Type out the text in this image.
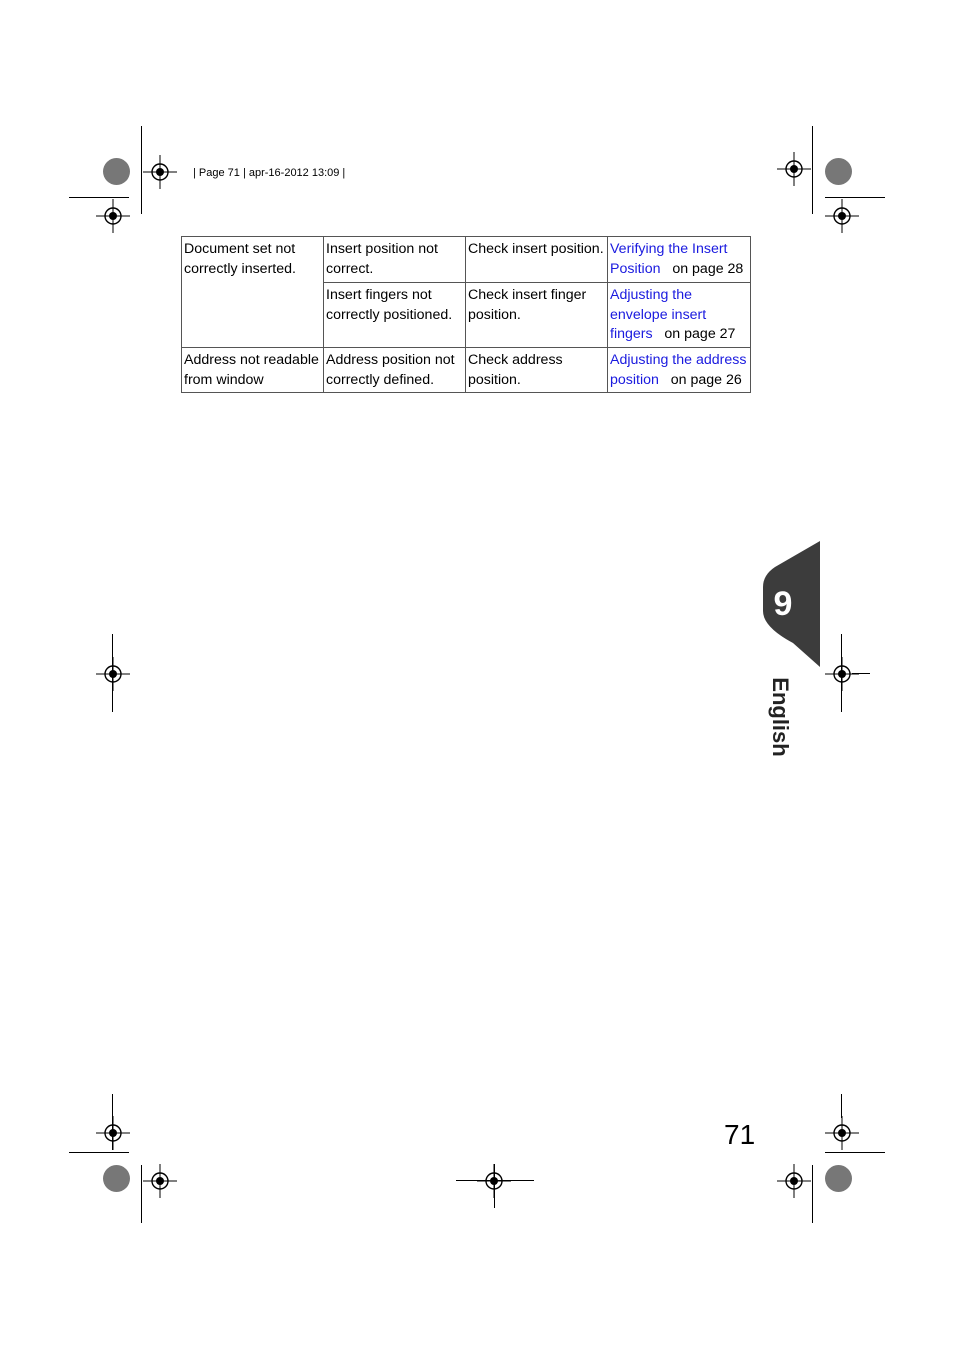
| Page 71 | apr-16-2012 13:09 |
Document set not correctly inserted.	Insert position not correct.	Check insert position.	Verifying the Insert Position on page 28
	Insert fingers not correctly positioned.	Check insert finger position.	Adjusting the envelope insert fingers on page 27
Address not readable from window	Address position not correctly defined.	Check address position.	Adjusting the address position on page 26
9
English
71
